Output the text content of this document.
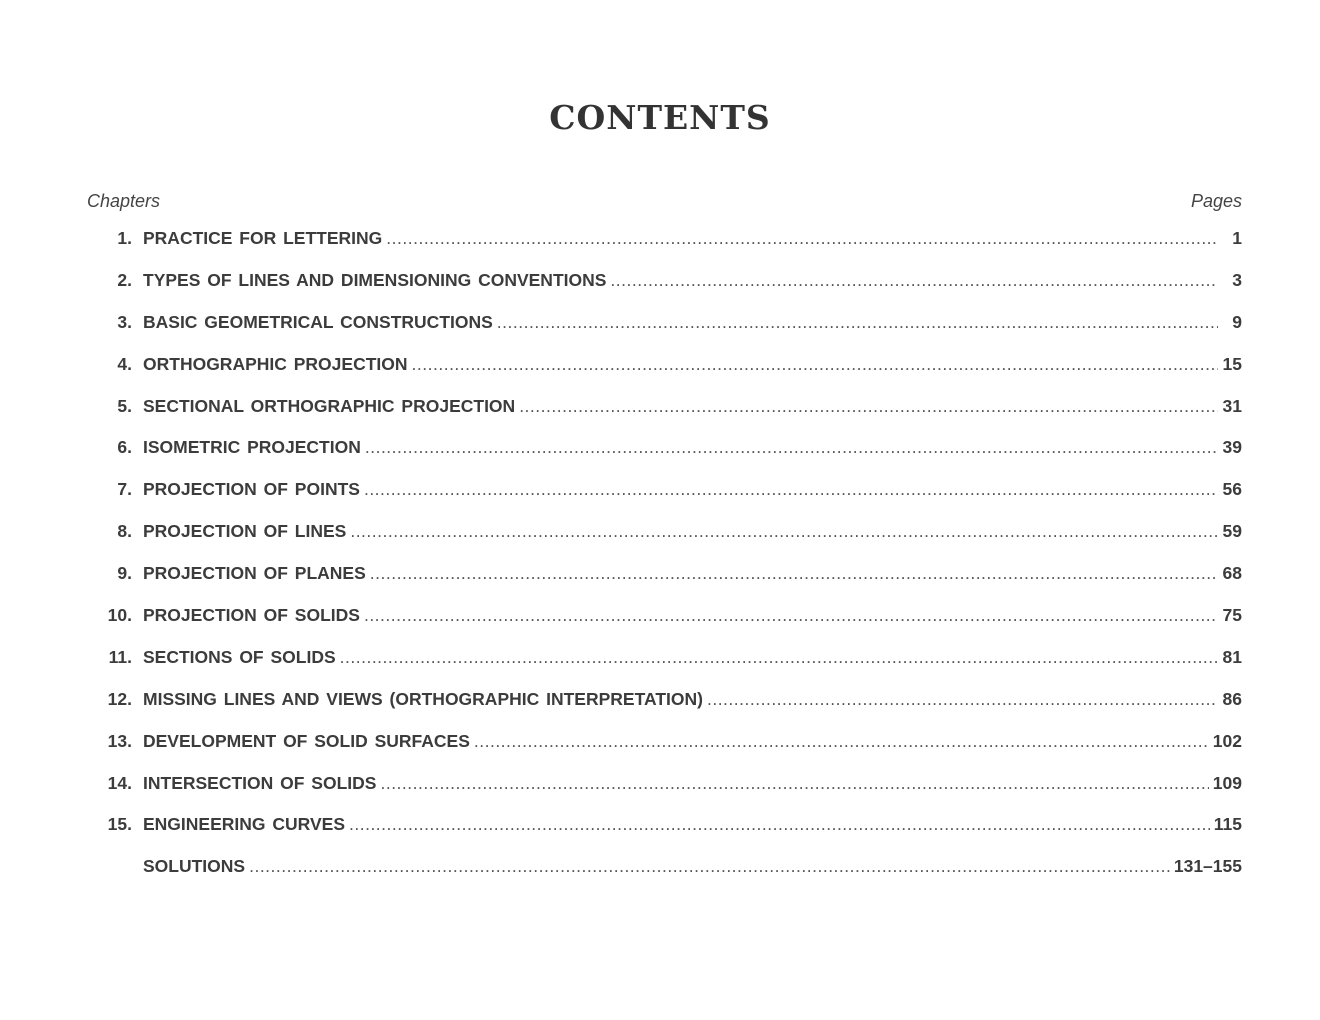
CONTENTS
Chapters	Pages
1. PRACTICE FOR LETTERING .....	1
2. TYPES OF LINES AND DIMENSIONING CONVENTIONS .....	3
3. BASIC GEOMETRICAL CONSTRUCTIONS .....	9
4. ORTHOGRAPHIC PROJECTION .....	15
5. SECTIONAL ORTHOGRAPHIC PROJECTION .....	31
6. ISOMETRIC PROJECTION .....	39
7. PROJECTION OF POINTS .....	56
8. PROJECTION OF LINES .....	59
9. PROJECTION OF PLANES .....	68
10. PROJECTION OF SOLIDS .....	75
11. SECTIONS OF SOLIDS .....	81
12. MISSING LINES AND VIEWS (ORTHOGRAPHIC INTERPRETATION) .....	86
13. DEVELOPMENT OF SOLID SURFACES .....	102
14. INTERSECTION OF SOLIDS .....	109
15. ENGINEERING CURVES .....	115
SOLUTIONS .....	131–155
